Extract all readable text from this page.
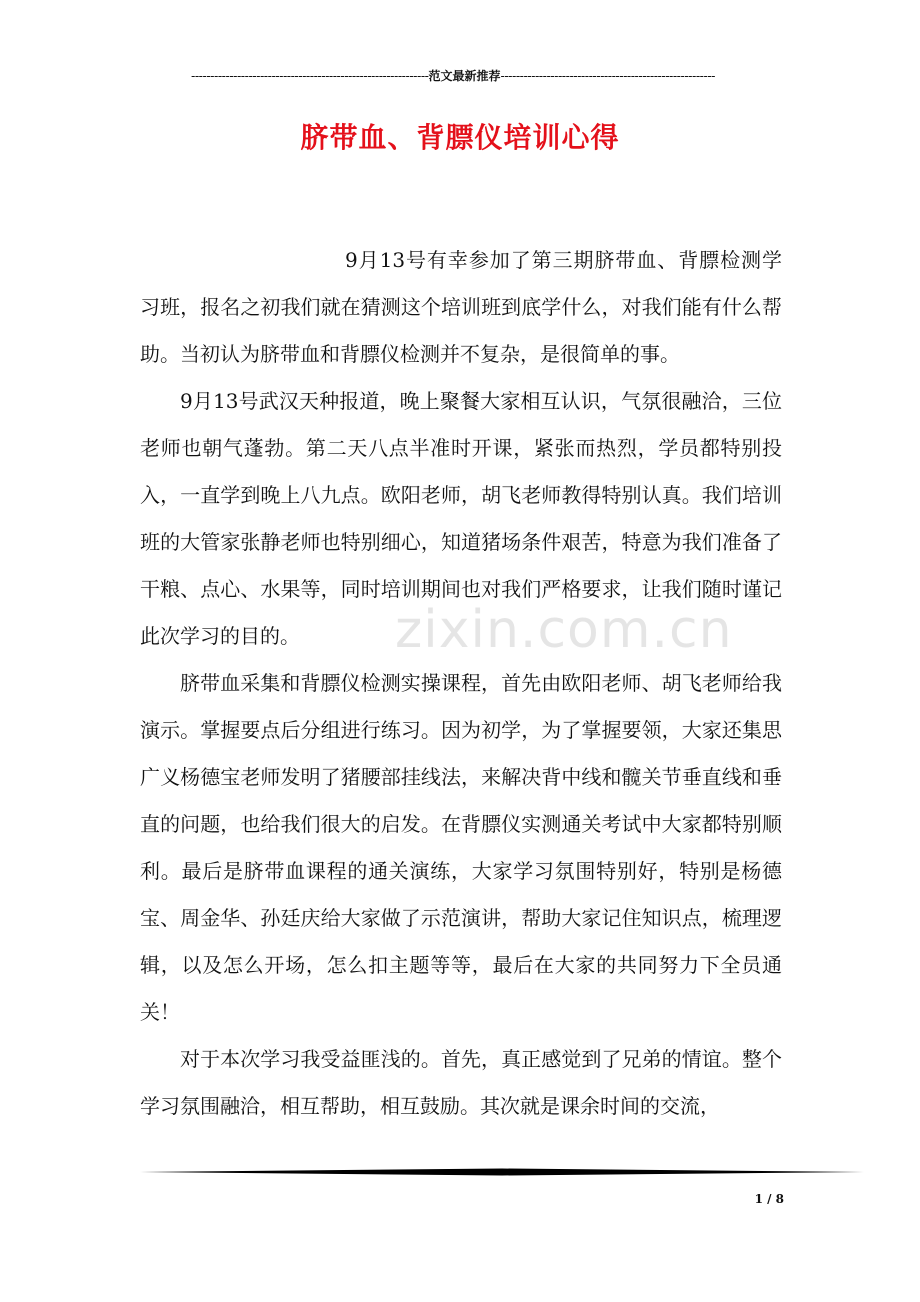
--------------------------------------------------------------范文最新推荐--------------------------------------------------------
脐带血、背膘仪培训心得

9月13号有幸参加了第三期脐带血、背膘检测学习班，报名之初我们就在猜测这个培训班到底学什么，对我们能有什么帮助。当初认为脐带血和背膘仪检测并不复杂，是很简单的事。

9月13号武汉天种报道，晚上聚餐大家相互认识，气氛很融洽，三位老师也朝气蓬勃。第二天八点半准时开课，紧张而热烈，学员都特别投入，一直学到晚上八九点。欧阳老师，胡飞老师教得特别认真。我们培训班的大管家张静老师也特别细心，知道猪场条件艰苦，特意为我们准备了干粮、点心、水果等，同时培训期间也对我们严格要求，让我们随时谨记此次学习的目的。

脐带血采集和背膘仪检测实操课程，首先由欧阳老师、胡飞老师给我演示。掌握要点后分组进行练习。因为初学，为了掌握要领，大家还集思广义杨德宝老师发明了猪腰部挂线法，来解决背中线和髋关节垂直线和垂直的问题，也给我们很大的启发。在背膘仪实测通关考试中大家都特别顺利。最后是脐带血课程的通关演练，大家学习氛围特别好，特别是杨德宝、周金华、孙廷庆给大家做了示范演讲，帮助大家记住知识点，梳理逻辑，以及怎么开场，怎么扣主题等等，最后在大家的共同努力下全员通关！

对于本次学习我受益匪浅的。首先，真正感觉到了兄弟的情谊。整个学习氛围融洽，相互帮助，相互鼓励。其次就是课余时间的交流，

zixin.com.cn
1 / 8
